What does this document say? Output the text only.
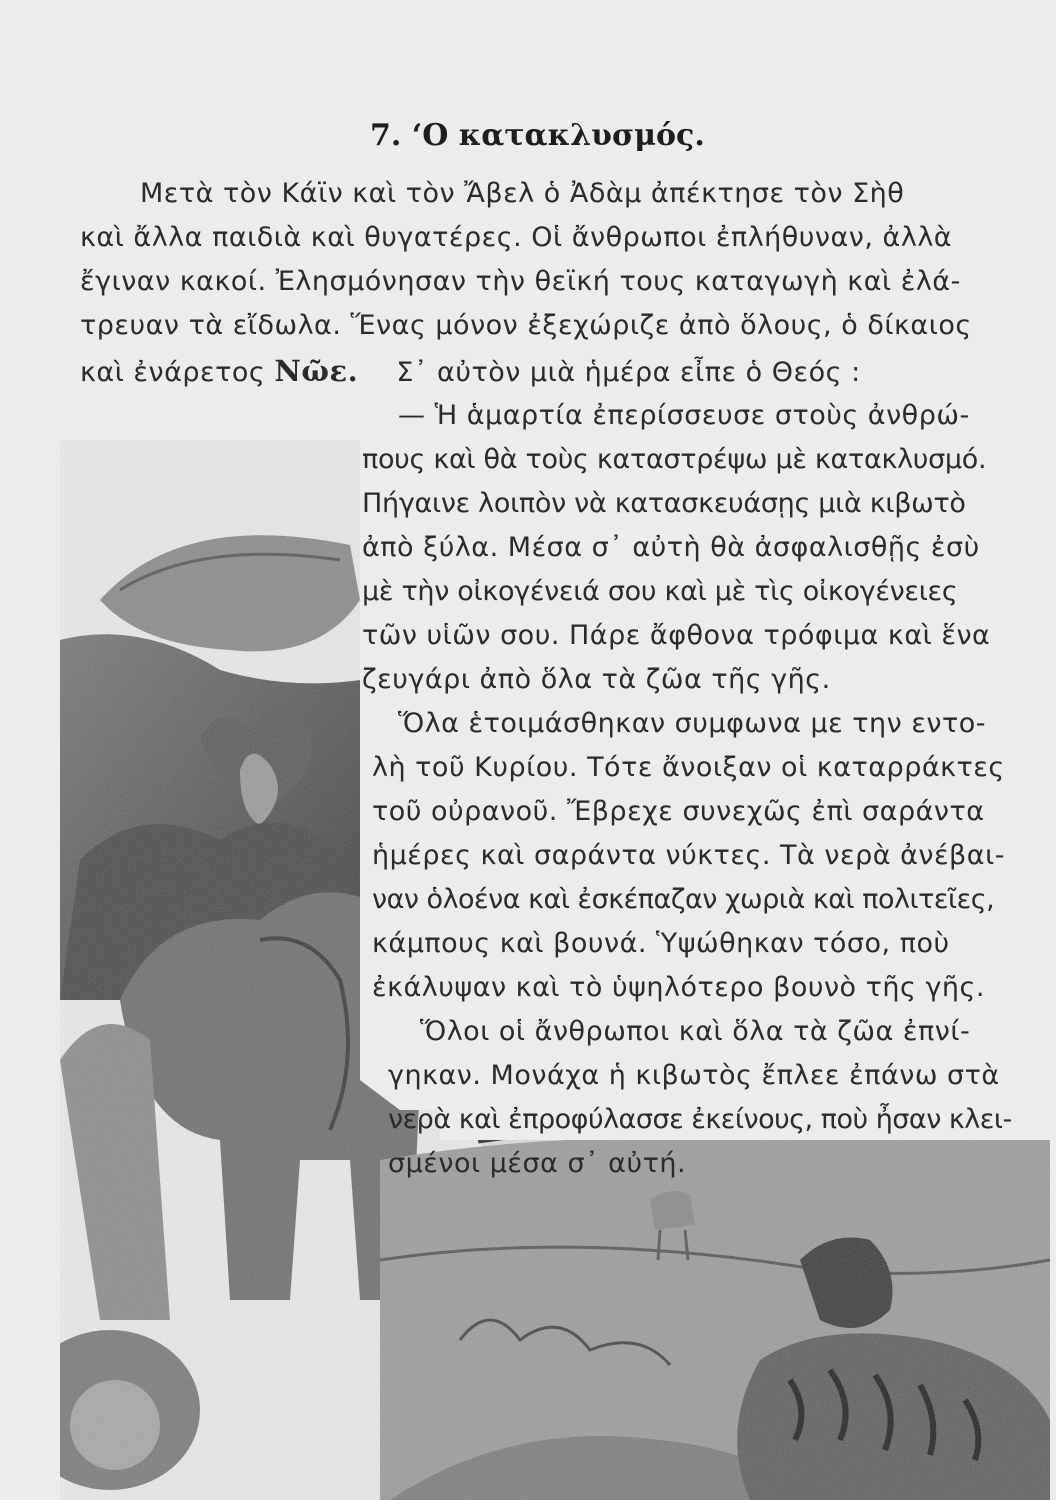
7. ‘Ο κατακλυσμός.
Μετὰ τὸν Κάϊν καὶ τὸν Ἄβελ ὁ Ἀδὰμ ἀπέκτησε τὸν Σὴθ
καὶ ἄλλα παιδιὰ καὶ θυγατέρες. Οἱ ἄνθρωποι ἐπλήθυναν, ἀλλὰ
ἔγιναν κακοί. Ἐλησμόνησαν τὴν θεϊκή τους καταγωγὴ καὶ ἐλά-
τρευαν τὰ εἴδωλα. Ἕνας μόνον ἐξεχώριζε ἀπὸ ὅλους, ὁ δίκαιος
καὶ ἐνάρετος Νῶε. Σ᾿ αὐτὸν μιὰ ἡμέρα εἶπε ὁ Θεός :
— Ἡ ἁμαρτία ἐπερίσσευσε στοὺς ἀνθρώ-
πους καὶ θὰ τοὺς καταστρέψω μὲ κατακλυσμό.
Πήγαινε λοιπὸν νὰ κατασκευάσῃς μιὰ κιβωτὸ
ἀπὸ ξύλα. Μέσα σ᾿ αὐτὴ θὰ ἀσφαλισθῇς ἐσὺ
μὲ τὴν οἰκογένειά σου καὶ μὲ τὶς οἰκογένειες
τῶν υἱῶν σου. Πάρε ἄφθονα τρόφιμα καὶ ἕνα
ζευγάρι ἀπὸ ὅλα τὰ ζῶα τῆς γῆς.
Ὅλα ἑτοιμάσθηκαν συμφωνα με την εντο-
λὴ τοῦ Κυρίου. Τότε ἄνοιξαν οἱ καταρράκτες
τοῦ οὐρανοῦ. Ἔβρεχε συνεχῶς ἐπὶ σαράντα
ἡμέρες καὶ σαράντα νύκτες. Τὰ νερὰ ἀνέβαι-
ναν ὁλοένα καὶ ἐσκέπαζαν χωριὰ καὶ πολιτεῖες,
κάμπους καὶ βουνά. Ὑψώθηκαν τόσο, ποὺ
ἐκάλυψαν καὶ τὸ ὑψηλότερο βουνὸ τῆς γῆς.
Ὅλοι οἱ ἄνθρωποι καὶ ὅλα τὰ ζῶα ἐπνί-
γηκαν. Μονάχα ἡ κιβωτὸς ἔπλεε ἐπάνω στὰ
νερὰ καὶ ἐπροφύλασσε ἐκείνους, ποὺ ἦσαν κλει-
σμένοι μέσα σ᾿ αὐτή.
